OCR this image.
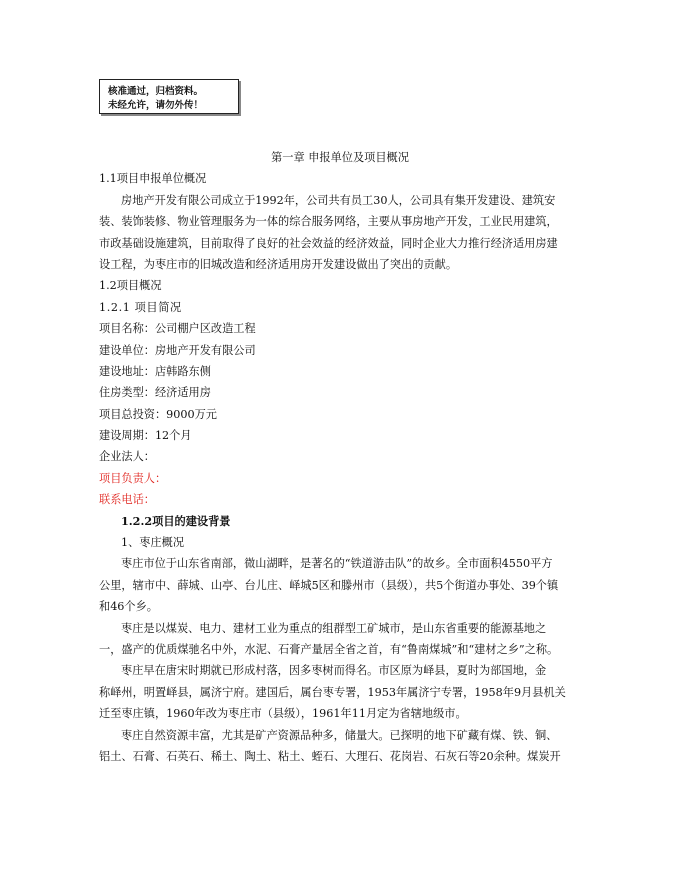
核准通过，归档资料。
未经允许，请勿外传！
第一章 申报单位及项目概况
1.1项目申报单位概况
房地产开发有限公司成立于1992年，公司共有员工30人，公司具有集开发建设、建筑安
装、装饰装修、物业管理服务为一体的综合服务网络，主要从事房地产开发，工业民用建筑，
市政基础设施建筑，目前取得了良好的社会效益的经济效益，同时企业大力推行经济适用房建
设工程，为枣庄市的旧城改造和经济适用房开发建设做出了突出的贡献。
1.2项目概况
1.2.1 项目简况
项目名称：公司棚户区改造工程
建设单位：房地产开发有限公司
建设地址：店韩路东侧
住房类型：经济适用房
项目总投资：9000万元
建设周期：12个月
企业法人：
项目负责人：
联系电话：
1.2.2项目的建设背景
1、枣庄概况
枣庄市位于山东省南部，微山湖畔，是著名的“铁道游击队”的故乡。全市面积4550平方
公里，辖市中、薛城、山亭、台儿庄、峄城5区和滕州市（县级），共5个街道办事处、39个镇
和46个乡。
枣庄是以煤炭、电力、建材工业为重点的组群型工矿城市，是山东省重要的能源基地之
一，盛产的优质煤驰名中外，水泥、石膏产量居全省之首，有“鲁南煤城”和“建材之乡”之称。
枣庄早在唐宋时期就已形成村落，因多枣树而得名。市区原为峄县，夏时为部国地，金
称峄州，明置峄县，属济宁府。建国后，属台枣专署，1953年属济宁专署，1958年9月县机关
迁至枣庄镇，1960年改为枣庄市（县级），1961年11月定为省辖地级市。
枣庄自然资源丰富，尤其是矿产资源品种多，储量大。已探明的地下矿藏有煤、铁、铜、
铝土、石膏、石英石、稀土、陶土、粘土、蛭石、大理石、花岗岩、石灰石等20余种。煤炭开
